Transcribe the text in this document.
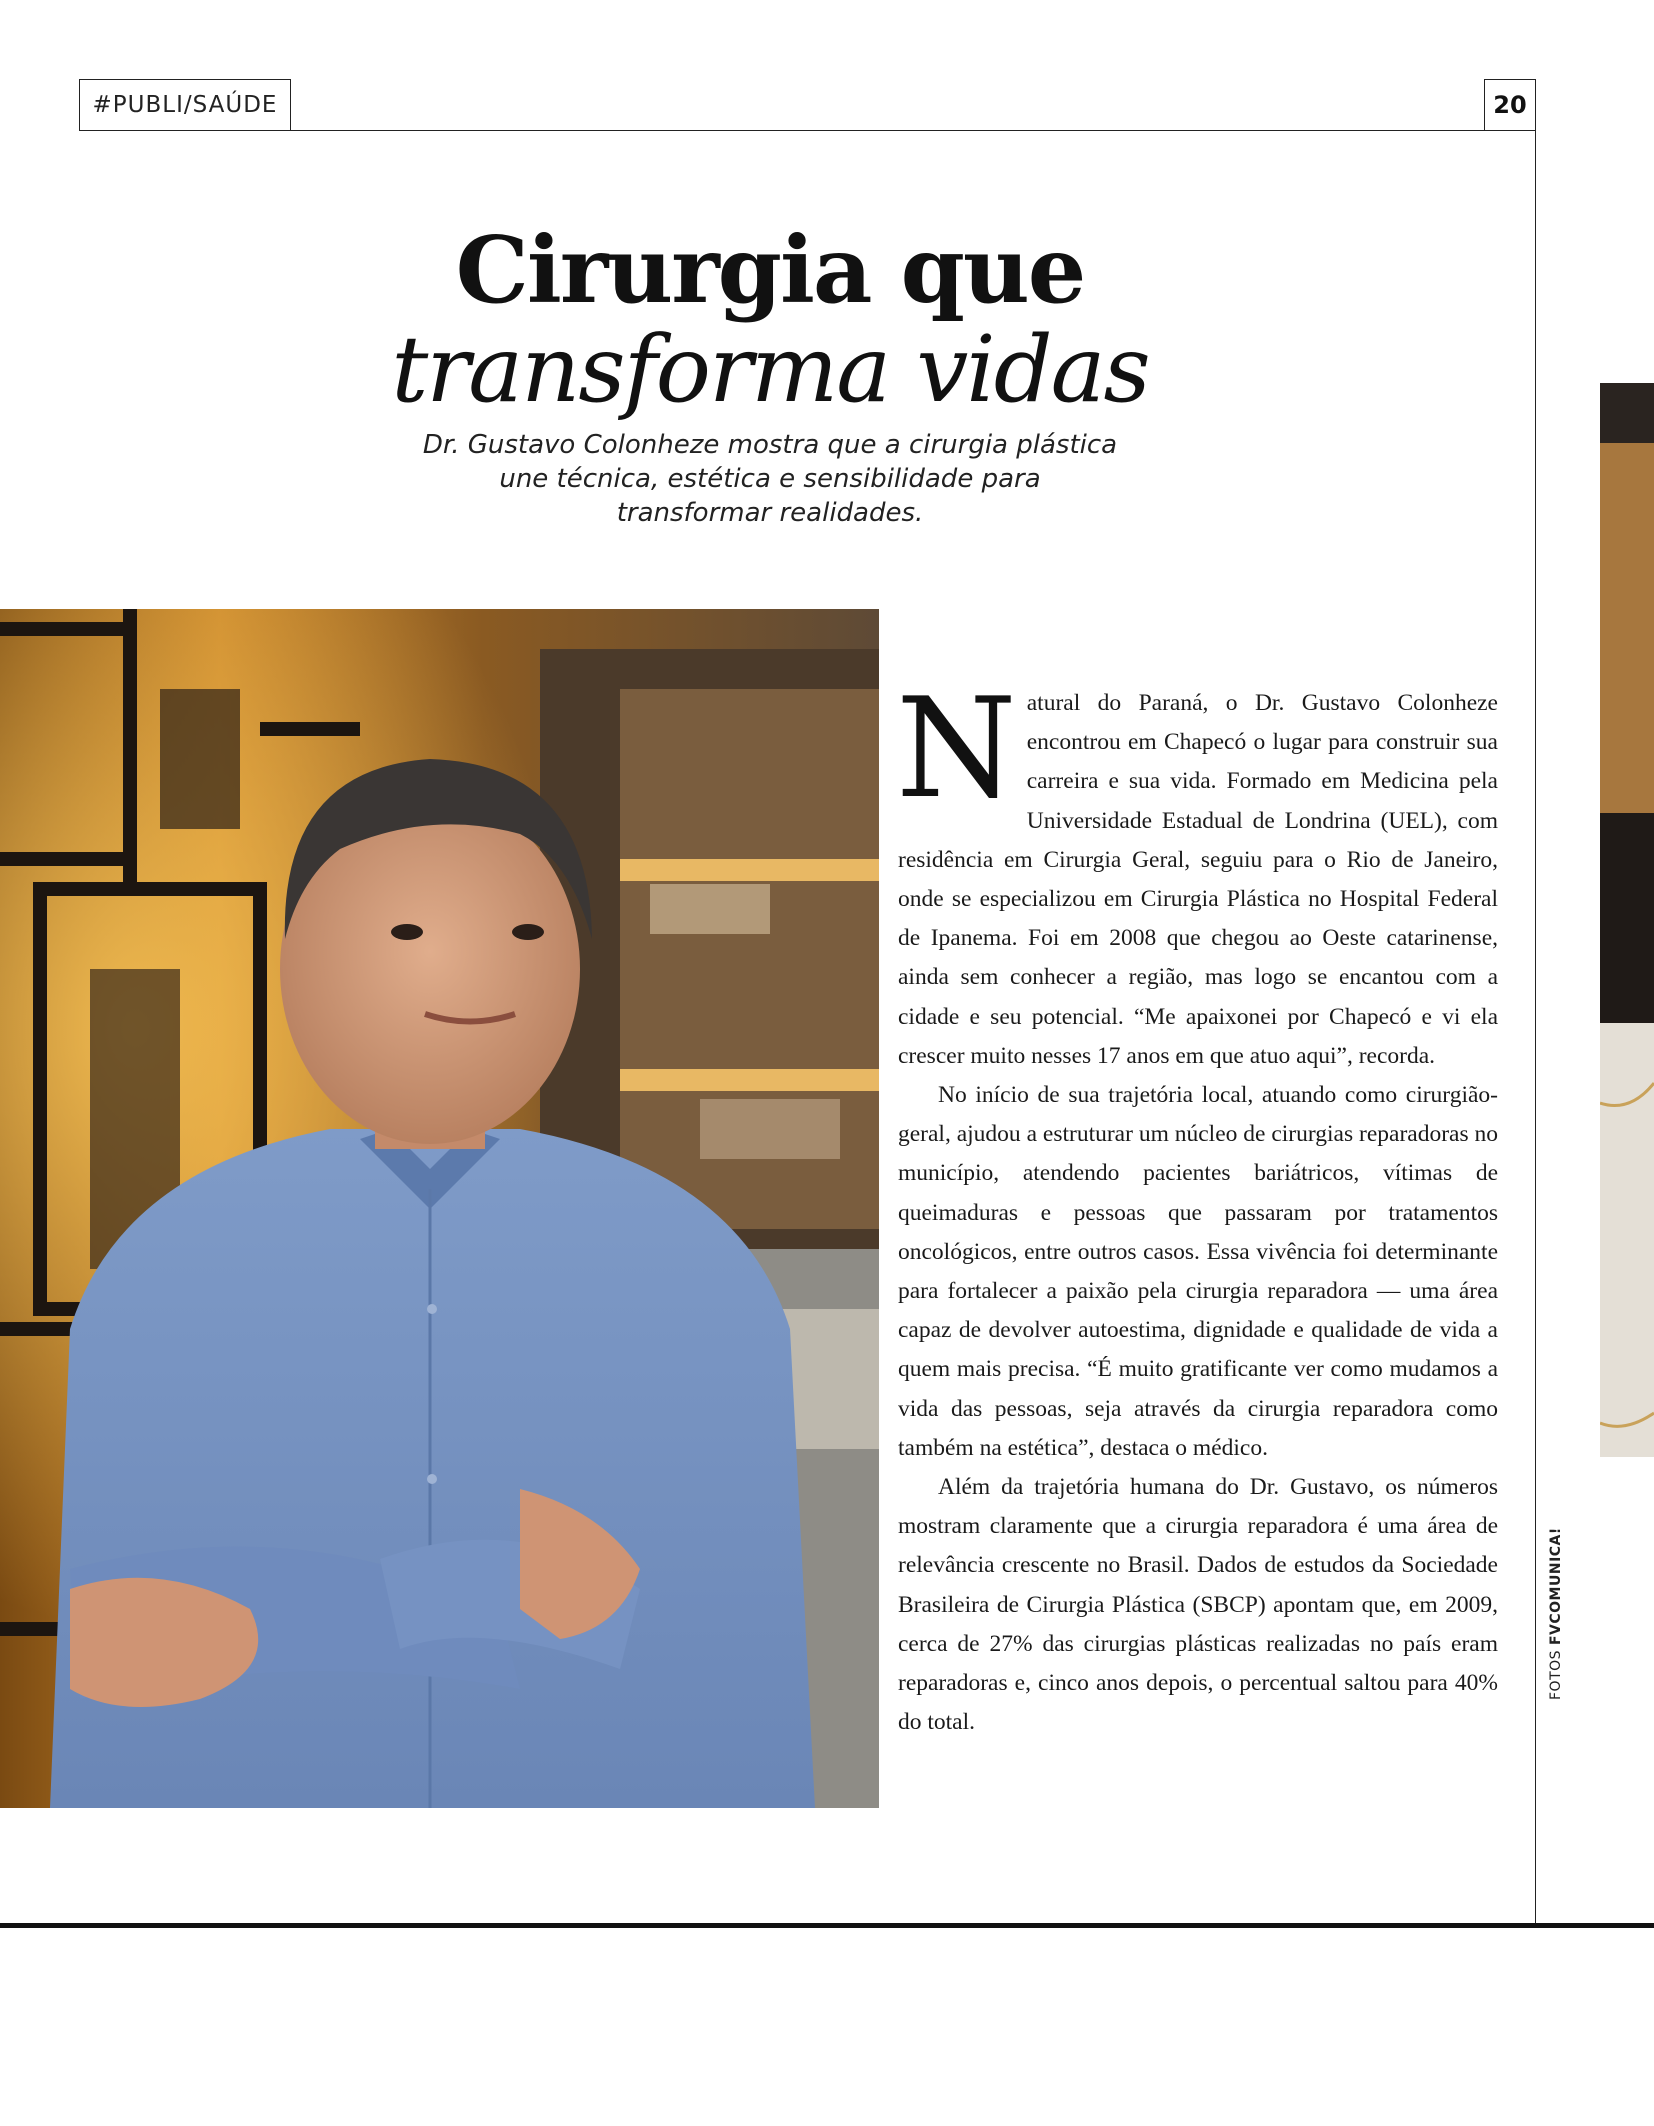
#PUBLI/SAÚDE	20
Cirurgia que
transforma vidas
Dr. Gustavo Colonheze mostra que a cirurgia plástica une técnica, estética e sensibilidade para transformar realidades.

Natural do Paraná, o Dr. Gustavo Colonheze encontrou em Chapecó o lugar para construir sua carreira e sua vida. Formado em Medicina pela Universidade Estadual de Londrina (UEL), com residência em Cirurgia Geral, seguiu para o Rio de Janeiro, onde se especializou em Cirurgia Plástica no Hospital Federal de Ipanema. Foi em 2008 que chegou ao Oeste catarinense, ainda sem conhecer a região, mas logo se encantou com a cidade e seu potencial. “Me apaixonei por Chapecó e vi ela crescer muito nesses 17 anos em que atuo aqui”, recorda.

No início de sua trajetória local, atuando como cirurgião-geral, ajudou a estruturar um núcleo de cirurgias reparadoras no município, atendendo pacientes bariátricos, vítimas de queimaduras e pessoas que passaram por tratamentos oncológicos, entre outros casos. Essa vivência foi determinante para fortalecer a paixão pela cirurgia reparadora — uma área capaz de devolver autoestima, dignidade e qualidade de vida a quem mais precisa. “É muito gratificante ver como mudamos a vida das pessoas, seja através da cirurgia reparadora como também na estética”, destaca o médico.

Além da trajetória humana do Dr. Gustavo, os números mostram claramente que a cirurgia reparadora é uma área de relevância crescente no Brasil. Dados de estudos da Sociedade Brasileira de Cirurgia Plástica (SBCP) apontam que, em 2009, cerca de 27% das cirurgias plásticas realizadas no país eram reparadoras e, cinco anos depois, o percentual saltou para 40% do total.

FOTOS FVCOMUNICA!
